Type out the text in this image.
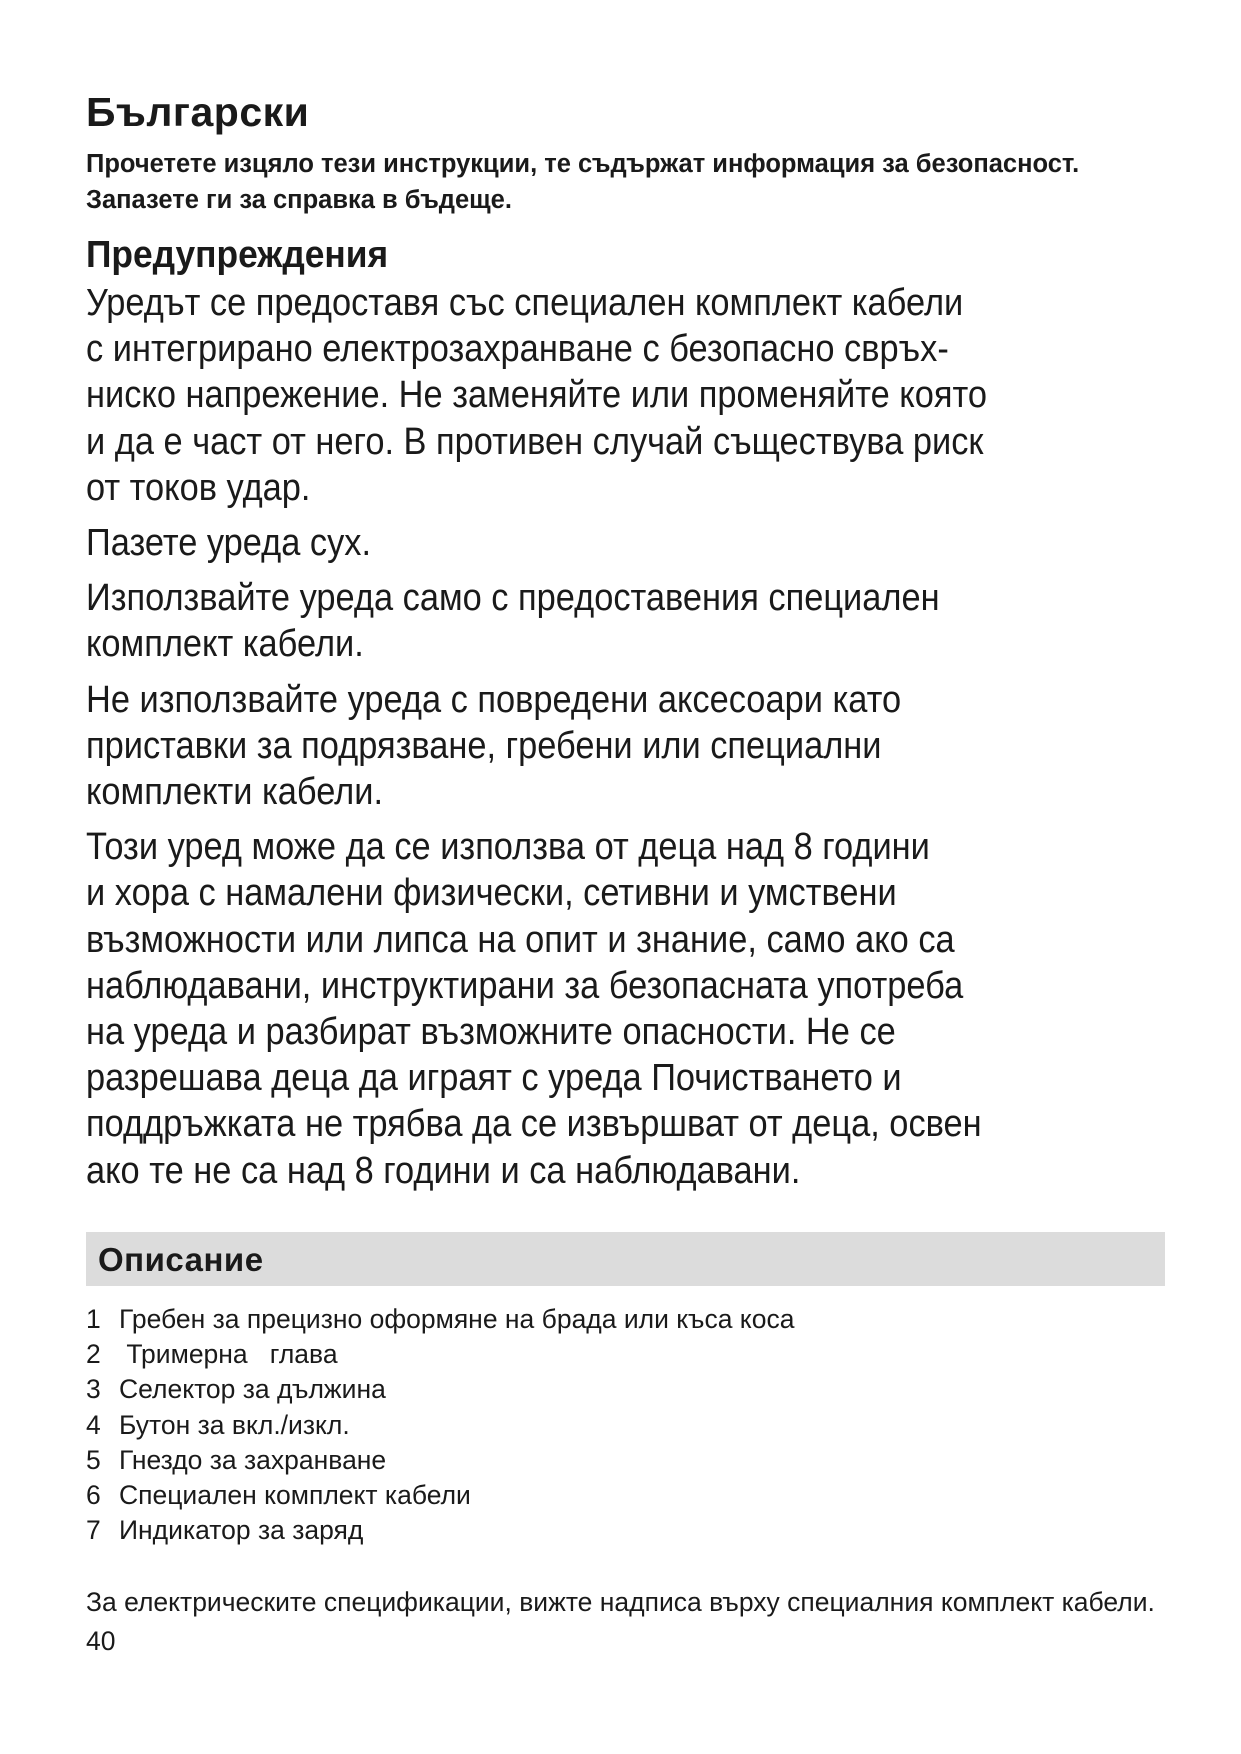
Български

Прочетете изцяло тези инструкции, те съдържат информация за безопасност. Запазете ги за справка в бъдеще.

Предупреждения

Уредът се предоставя със специален комплект кабели
с интегрирано електрозахранване с безопасно свръх-
ниско напрежение. Не заменяйте или променяйте която
и да е част от него. В противен случай съществува риск
от токов удар.

Пазете уреда сух.

Използвайте уреда само с предоставения специален
комплект кабели.

Не използвайте уреда с повредени аксесоари като
приставки за подрязване, гребени или специални
комплекти кабели.

Този уред може да се използва от деца над 8 години
и хора с намалени физически, сетивни и умствени
възможности или липса на опит и знание, само ако са
наблюдавани, инструктирани за безопасната употреба
на уреда и разбират възможните опасности. Не се
разрешава деца да играят с уреда Почистването и
поддръжката не трябва да се извършват от деца, освен
ако те не са над 8 години и са наблюдавани.

Описание
1 Гребен за прецизно оформяне на брада или къса коса
2 Тримерна   глава
3 Селектор за дължина
4 Бутон за вкл./изкл.
5 Гнездо за захранване
6 Специален комплект кабели
7 Индикатор за заряд

За електрическите спецификации, вижте надписа върху специалния комплект кабели.

40
